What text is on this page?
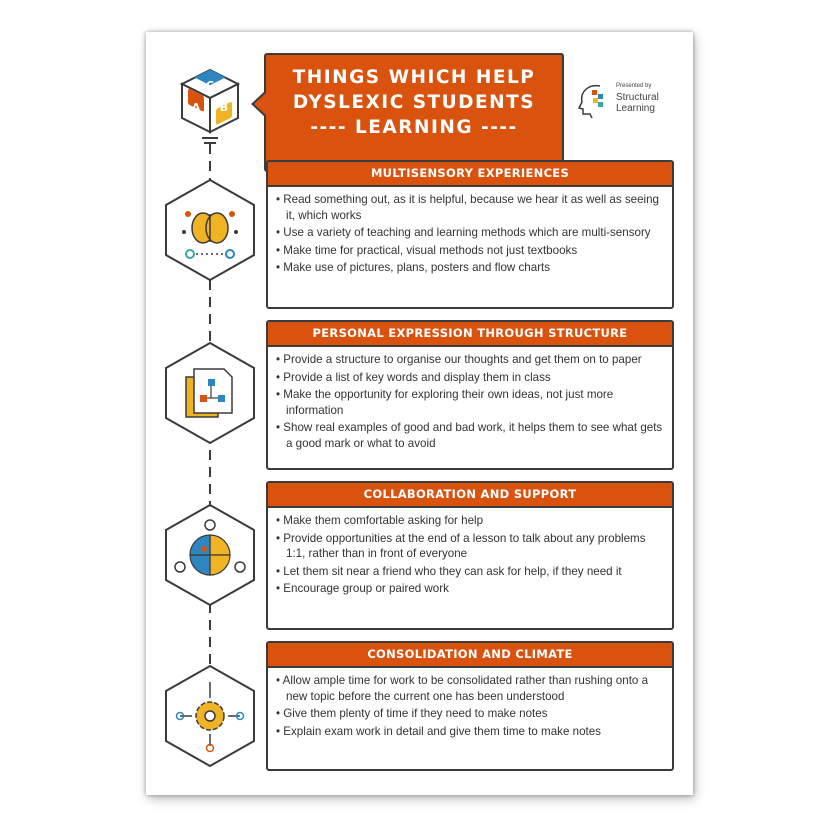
C
A B
THINGS WHICH HELP
DYSLEXIC STUDENTS
---- LEARNING ----
Presented by
Structural
Learning
MULTISENSORY EXPERIENCES
• Read something out, as it is helpful, because we hear it as well as seeing it, which works
• Use a variety of teaching and learning methods which are multi-sensory
• Make time for practical, visual methods not just textbooks
• Make use of pictures, plans, posters and flow charts
PERSONAL EXPRESSION THROUGH STRUCTURE
• Provide a structure to organise our thoughts and get them on to paper
• Provide a list of key words and display them in class
• Make the opportunity for exploring their own ideas, not just more information
• Show real examples of good and bad work, it helps them to see what gets a good mark or what to avoid
COLLABORATION AND SUPPORT
• Make them comfortable asking for help
• Provide opportunities at the end of a lesson to talk about any problems 1:1, rather than in front of everyone
• Let them sit near a friend who they can ask for help, if they need it
• Encourage group or paired work
CONSOLIDATION AND CLIMATE
• Allow ample time for work to be consolidated rather than rushing onto a new topic before the current one has been understood
• Give them plenty of time if they need to make notes
• Explain exam work in detail and give them time to make notes
